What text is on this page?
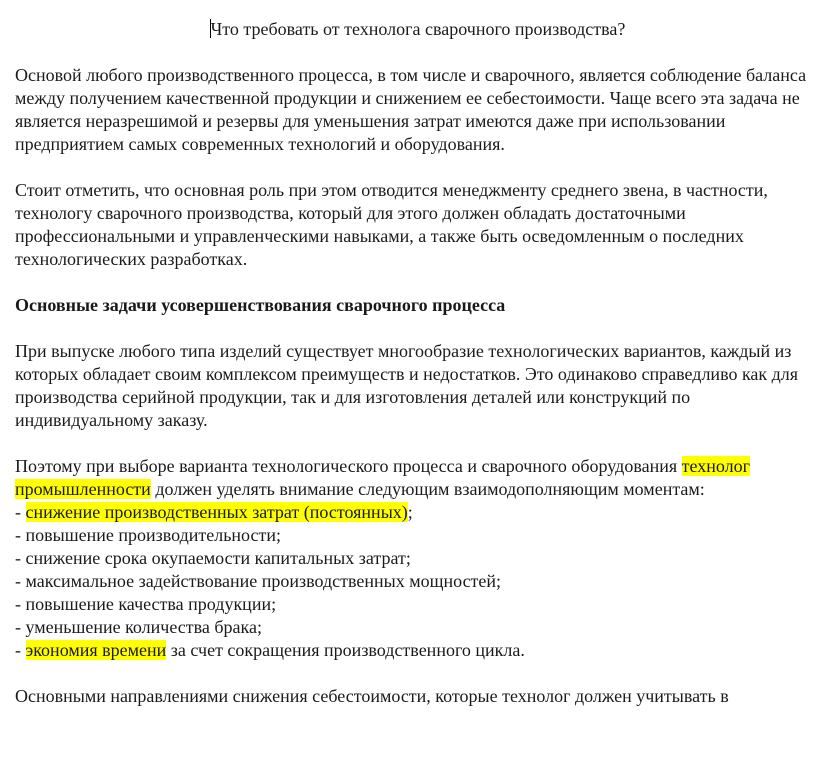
Что требовать от технолога сварочного производства?

Основой любого производственного процесса, в том числе и сварочного, является соблюдение баланса между получением качественной продукции и снижением ее себестоимости. Чаще всего эта задача не является неразрешимой и резервы для уменьшения затрат имеются даже при использовании предприятием самых современных технологий и оборудования.

Стоит отметить, что основная роль при этом отводится менеджменту среднего звена, в частности, технологу сварочного производства, который для этого должен обладать достаточными профессиональными и управленческими навыками, а также быть осведомленным о последних технологических разработках.

Основные задачи усовершенствования сварочного процесса

При выпуске любого типа изделий существует многообразие технологических вариантов, каждый из которых обладает своим комплексом преимуществ и недостатков. Это одинаково справедливо как для производства серийной продукции, так и для изготовления деталей или конструкций по индивидуальному заказу.

Поэтому при выборе варианта технологического процесса и сварочного оборудования технолог промышленности должен уделять внимание следующим взаимодополняющим моментам:
- снижение производственных затрат (постоянных);
- повышение производительности;
- снижение срока окупаемости капитальных затрат;
- максимальное задействование производственных мощностей;
- повышение качества продукции;
- уменьшение количества брака;
- экономия времени за счет сокращения производственного цикла.

Основными направлениями снижения себестоимости, которые технолог должен учитывать в
